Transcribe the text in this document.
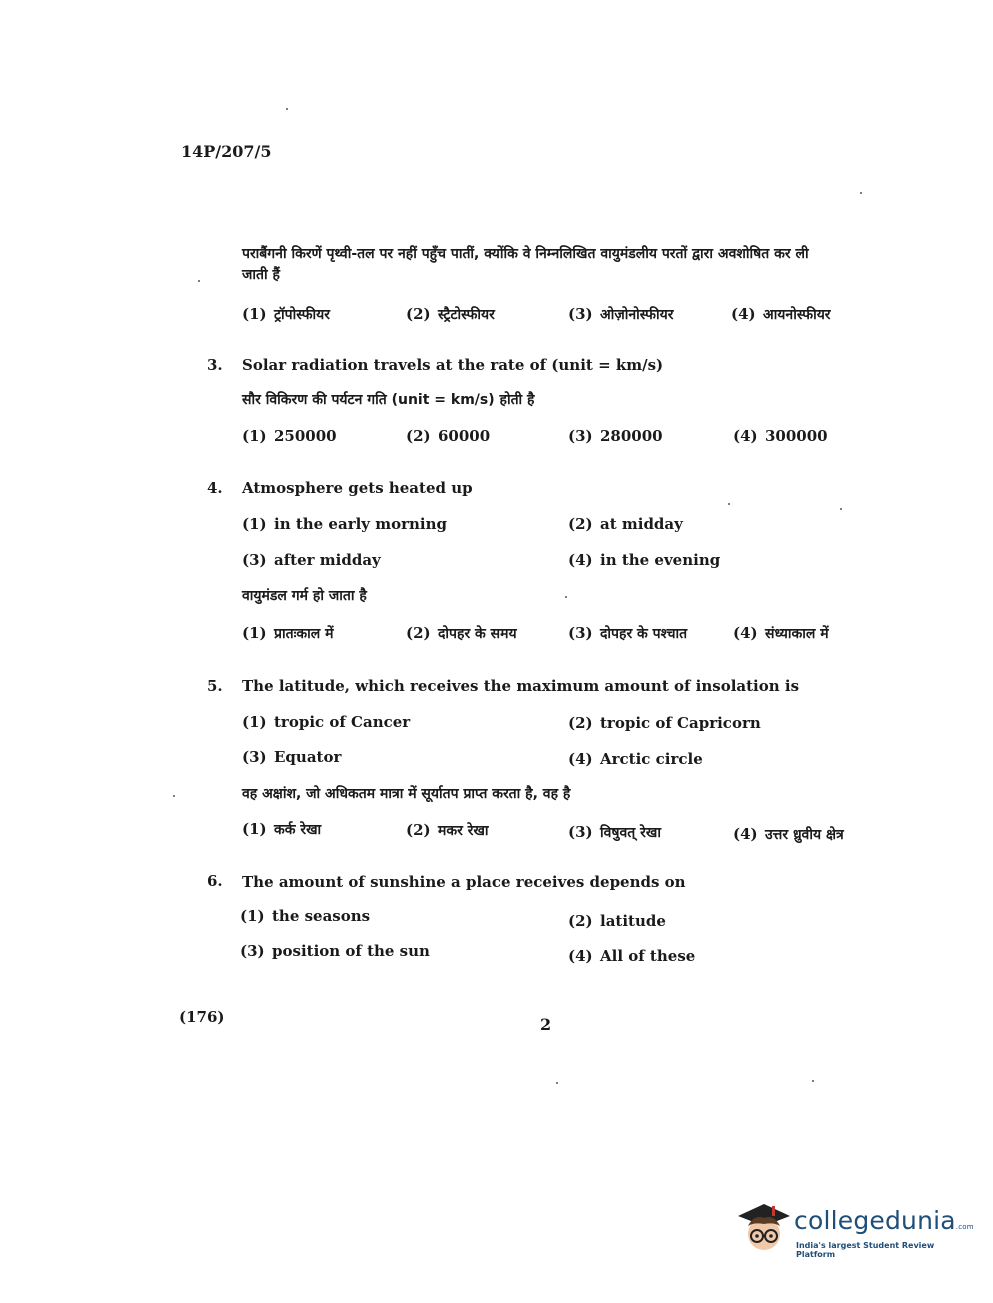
14P/207/5
पराबैंगनी किरणें पृथ्वी-तल पर नहीं पहुँच पातीं, क्योंकि वे निम्नलिखित वायुमंडलीय परतों द्वारा अवशोषित कर ली
जाती हैं
(1) ट्रॉपोस्फीयर	(2) स्ट्रैटोस्फीयर	(3) ओज़ोनोस्फीयर	(4) आयनोस्फीयर
3. Solar radiation travels at the rate of (unit = km/s)
सौर विकिरण की पर्यटन गति (unit = km/s) होती है
(1) 250000	(2) 60000	(3) 280000	(4) 300000
4. Atmosphere gets heated up
(1) in the early morning	(2) at midday
(3) after midday	(4) in the evening
वायुमंडल गर्म हो जाता है
(1) प्रातःकाल में	(2) दोपहर के समय	(3) दोपहर के पश्चात	(4) संध्याकाल में
5. The latitude, which receives the maximum amount of insolation is
(1) tropic of Cancer	(2) tropic of Capricorn
(3) Equator	(4) Arctic circle
वह अक्षांश, जो अधिकतम मात्रा में सूर्यातप प्राप्त करता है, वह है
(1) कर्क रेखा	(2) मकर रेखा	(3) विषुवत् रेखा	(4) उत्तर ध्रुवीय क्षेत्र
6. The amount of sunshine a place receives depends on
(1) the seasons	(2) latitude
(3) position of the sun	(4) All of these
(176)	2
collegedunia.com
India's largest Student Review Platform
